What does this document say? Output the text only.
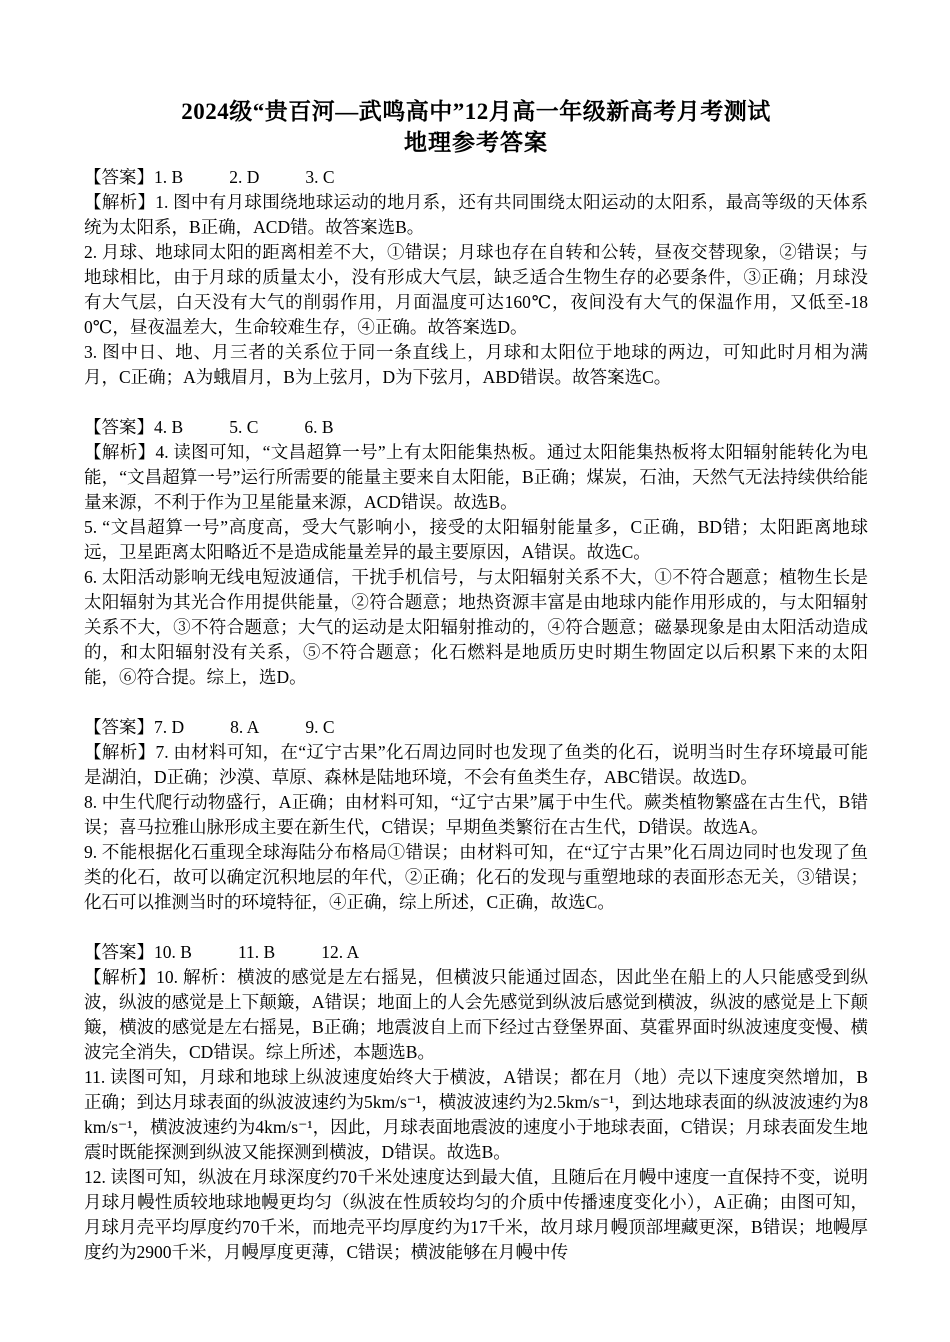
2024级“贵百河—武鸣高中”12月高一年级新高考月考测试
地理参考答案

【答案】1. B	2. D	3. C

【解析】1. 图中有月球围绕地球运动的地月系，还有共同围绕太阳运动的太阳系，最高等级的天体系统为太阳系，B正确，ACD错。故答案选B。

2. 月球、地球同太阳的距离相差不大，①错误；月球也存在自转和公转，昼夜交替现象，②错误；与地球相比，由于月球的质量太小，没有形成大气层，缺乏适合生物生存的必要条件，③正确；月球没有大气层，白天没有大气的削弱作用，月面温度可达160℃，夜间没有大气的保温作用，又低至-180℃，昼夜温差大，生命较难生存，④正确。故答案选D。

3. 图中日、地、月三者的关系位于同一条直线上，月球和太阳位于地球的两边，可知此时月相为满月，C正确；A为蛾眉月，B为上弦月，D为下弦月，ABD错误。故答案选C。

【答案】4. B	5. C	6. B

【解析】4. 读图可知，“文昌超算一号”上有太阳能集热板。通过太阳能集热板将太阳辐射能转化为电能，“文昌超算一号”运行所需要的能量主要来自太阳能，B正确；煤炭，石油，天然气无法持续供给能量来源，不利于作为卫星能量来源，ACD错误。故选B。

5. “文昌超算一号”高度高，受大气影响小，接受的太阳辐射能量多，C正确，BD错；太阳距离地球远，卫星距离太阳略近不是造成能量差异的最主要原因，A错误。故选C。

6. 太阳活动影响无线电短波通信，干扰手机信号，与太阳辐射关系不大，①不符合题意；植物生长是太阳辐射为其光合作用提供能量，②符合题意；地热资源丰富是由地球内能作用形成的，与太阳辐射关系不大，③不符合题意；大气的运动是太阳辐射推动的，④符合题意；磁暴现象是由太阳活动造成的，和太阳辐射没有关系，⑤不符合题意；化石燃料是地质历史时期生物固定以后积累下来的太阳能，⑥符合提。综上，选D。

【答案】7. D	8. A	9. C

【解析】7. 由材料可知，在“辽宁古果”化石周边同时也发现了鱼类的化石，说明当时生存环境最可能是湖泊，D正确；沙漠、草原、森林是陆地环境，不会有鱼类生存，ABC错误。故选D。

8. 中生代爬行动物盛行，A正确；由材料可知，“辽宁古果”属于中生代。蕨类植物繁盛在古生代，B错误；喜马拉雅山脉形成主要在新生代，C错误；早期鱼类繁衍在古生代，D错误。故选A。

9. 不能根据化石重现全球海陆分布格局①错误；由材料可知，在“辽宁古果”化石周边同时也发现了鱼类的化石，故可以确定沉积地层的年代，②正确；化石的发现与重塑地球的表面形态无关，③错误；化石可以推测当时的环境特征，④正确，综上所述，C正确，故选C。

【答案】10. B	11. B	12. A

【解析】10. 解析：横波的感觉是左右摇晃，但横波只能通过固态，因此坐在船上的人只能感受到纵波，纵波的感觉是上下颠簸，A错误；地面上的人会先感觉到纵波后感觉到横波，纵波的感觉是上下颠簸，横波的感觉是左右摇晃，B正确；地震波自上而下经过古登堡界面、莫霍界面时纵波速度变慢、横波完全消失，CD错误。综上所述，本题选B。

11. 读图可知，月球和地球上纵波速度始终大于横波，A错误；都在月（地）壳以下速度突然增加，B正确；到达月球表面的纵波波速约为5km/s⁻¹，横波波速约为2.5km/s⁻¹，到达地球表面的纵波波速约为8km/s⁻¹，横波波速约为4km/s⁻¹，因此，月球表面地震波的速度小于地球表面，C错误；月球表面发生地震时既能探测到纵波又能探测到横波，D错误。故选B。

12. 读图可知，纵波在月球深度约70千米处速度达到最大值，且随后在月幔中速度一直保持不变，说明月球月幔性质较地球地幔更均匀（纵波在性质较均匀的介质中传播速度变化小），A正确；由图可知，月球月壳平均厚度约70千米，而地壳平均厚度约为17千米，故月球月幔顶部埋藏更深，B错误；地幔厚度约为2900千米，月幔厚度更薄，C错误；横波能够在月幔中传
